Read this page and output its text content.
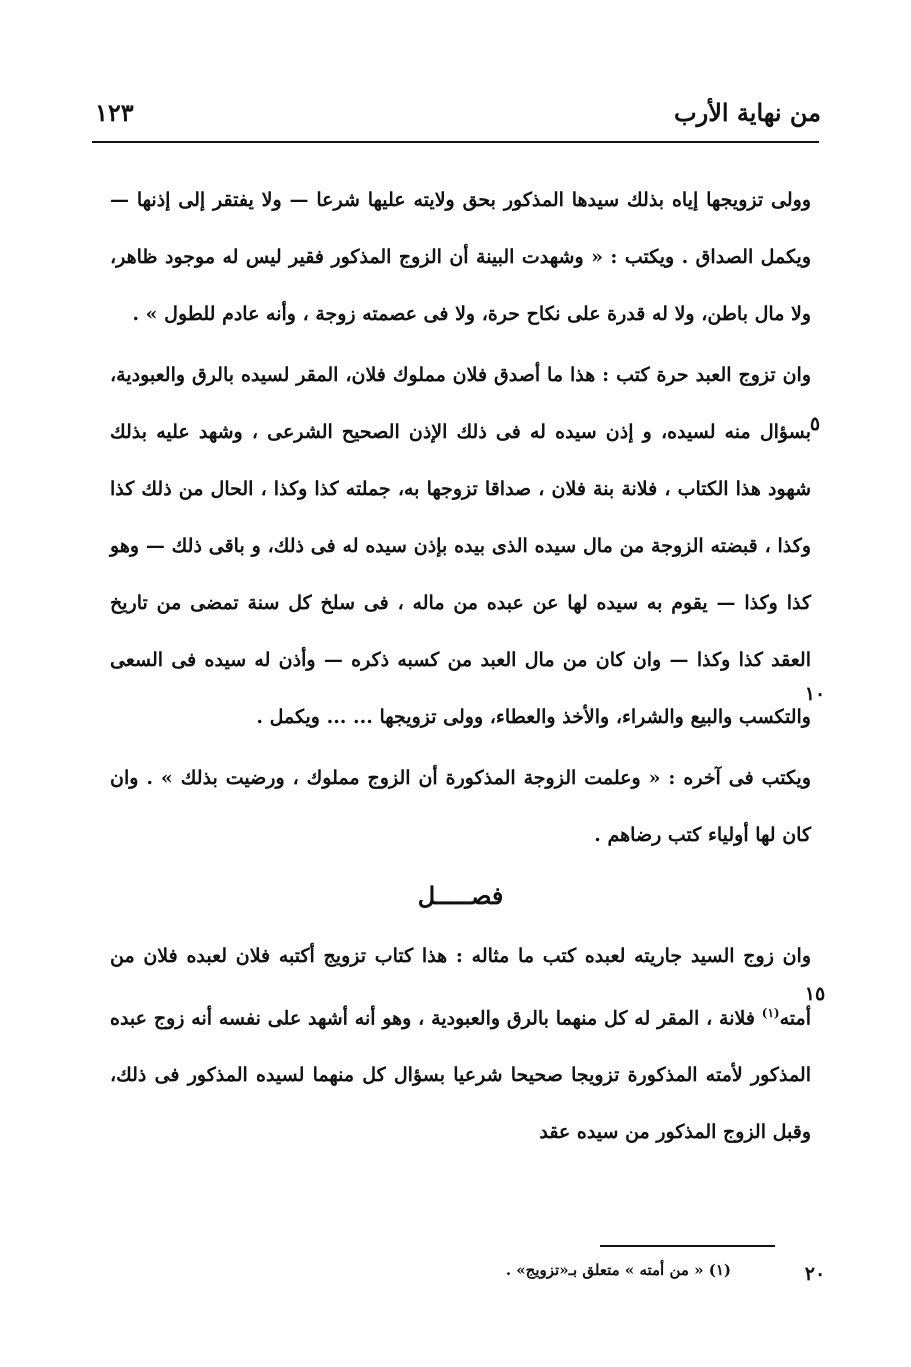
من نهاية الأرب
١٢٣

وولى تزويجها إياه بذلك سيدها المذكور بحق ولايته عليها شرعا — ولا يفتقر إلى إذنها — ويكمل الصداق . ويكتب : « وشهدت البينة أن الزوج المذكور فقير ليس له موجود ظاهر، ولا مال باطن، ولا له قدرة على نكاح حرة، ولا فى عصمته زوجة ، وأنه عادم للطول » .

وان تزوج العبد حرة كتب : هذا ما أصدق فلان مملوك فلان، المقر لسيده بالرق والعبودية، بسؤال منه لسيده، و إذن سيده له فى ذلك الإذن الصحيح الشرعى ، وشهد عليه بذلك شهود هذا الكتاب ، فلانة بنة فلان ، صداقا تزوجها به، جملته كذا وكذا ، الحال من ذلك كذا وكذا ، قبضته الزوجة من مال سيده الذى بيده بإذن سيده له فى ذلك، و باقى ذلك — وهو كذا وكذا — يقوم به سيده لها عن عبده من ماله ، فى سلخ كل سنة تمضى من تاريخ العقد كذا وكذا — وان كان من مال العبد من كسبه ذكره — وأذن له سيده فى السعى والتكسب والبيع والشراء، والأخذ والعطاء، وولى تزويجها ... ... ويكمل .

ويكتب فى آخره : « وعلمت الزوجة المذكورة أن الزوج مملوك ، ورضيت بذلك » . وان كان لها أولياء كتب رضاهم .

فصـــــل

وان زوج السيد جاريته لعبده كتب ما مثاله : هذا كتاب تزويج أكتبه فلان لعبده فلان من أمته$^{(١)}$ فلانة ، المقر له كل منهما بالرق والعبودية ، وهو أنه أشهد على نفسه أنه زوج عبده المذكور لأمته المذكورة تزويجا صحيحا شرعيا بسؤال كل منهما لسيده المذكور فى ذلك، وقبل الزوج المذكور من سيده عقد

٥
١٠
١٥
٢٠
(١) « من أمته » متعلق بـ«تزويج» .
